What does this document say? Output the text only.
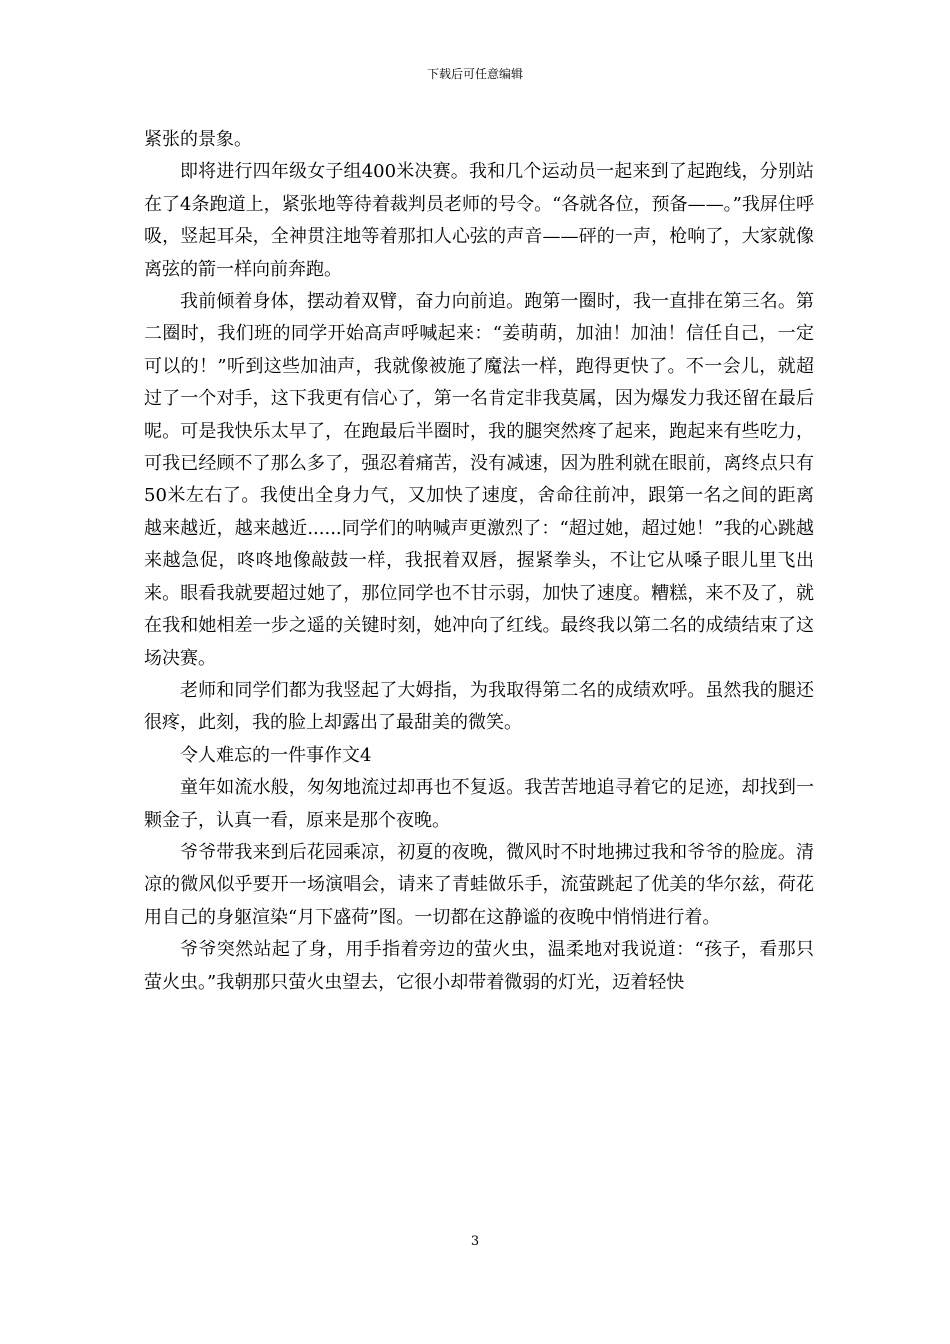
下载后可任意编辑

紧张的景象。

即将进行四年级女子组400米决赛。我和几个运动员一起来到了起跑线，分别站在了4条跑道上，紧张地等待着裁判员老师的号令。“各就各位，预备——。”我屏住呼吸，竖起耳朵，全神贯注地等着那扣人心弦的声音——砰的一声，枪响了，大家就像离弦的箭一样向前奔跑。

我前倾着身体，摆动着双臂，奋力向前追。跑第一圈时，我一直排在第三名。第二圈时，我们班的同学开始高声呼喊起来：“姜萌萌，加油！加油！信任自己，一定可以的！”听到这些加油声，我就像被施了魔法一样，跑得更快了。不一会儿，就超过了一个对手，这下我更有信心了，第一名肯定非我莫属，因为爆发力我还留在最后呢。可是我快乐太早了，在跑最后半圈时，我的腿突然疼了起来，跑起来有些吃力，可我已经顾不了那么多了，强忍着痛苦，没有减速，因为胜利就在眼前，离终点只有50米左右了。我使出全身力气，又加快了速度，舍命往前冲，跟第一名之间的距离越来越近，越来越近......同学们的呐喊声更激烈了：“超过她，超过她！”我的心跳越来越急促，咚咚地像敲鼓一样，我抿着双唇，握紧拳头，不让它从嗓子眼儿里飞出来。眼看我就要超过她了，那位同学也不甘示弱，加快了速度。糟糕，来不及了，就在我和她相差一步之遥的关键时刻，她冲向了红线。最终我以第二名的成绩结束了这场决赛。

老师和同学们都为我竖起了大姆指，为我取得第二名的成绩欢呼。虽然我的腿还很疼，此刻，我的脸上却露出了最甜美的微笑。

令人难忘的一件事作文4

童年如流水般，匆匆地流过却再也不复返。我苦苦地追寻着它的足迹，却找到一颗金子，认真一看，原来是那个夜晚。

爷爷带我来到后花园乘凉，初夏的夜晚，微风时不时地拂过我和爷爷的脸庞。清凉的微风似乎要开一场演唱会，请来了青蛙做乐手，流萤跳起了优美的华尔兹，荷花用自己的身躯渲染“月下盛荷”图。一切都在这静谧的夜晚中悄悄进行着。

爷爷突然站起了身，用手指着旁边的萤火虫，温柔地对我说道：“孩子，看那只萤火虫。”我朝那只萤火虫望去，它很小却带着微弱的灯光，迈着轻快

3
